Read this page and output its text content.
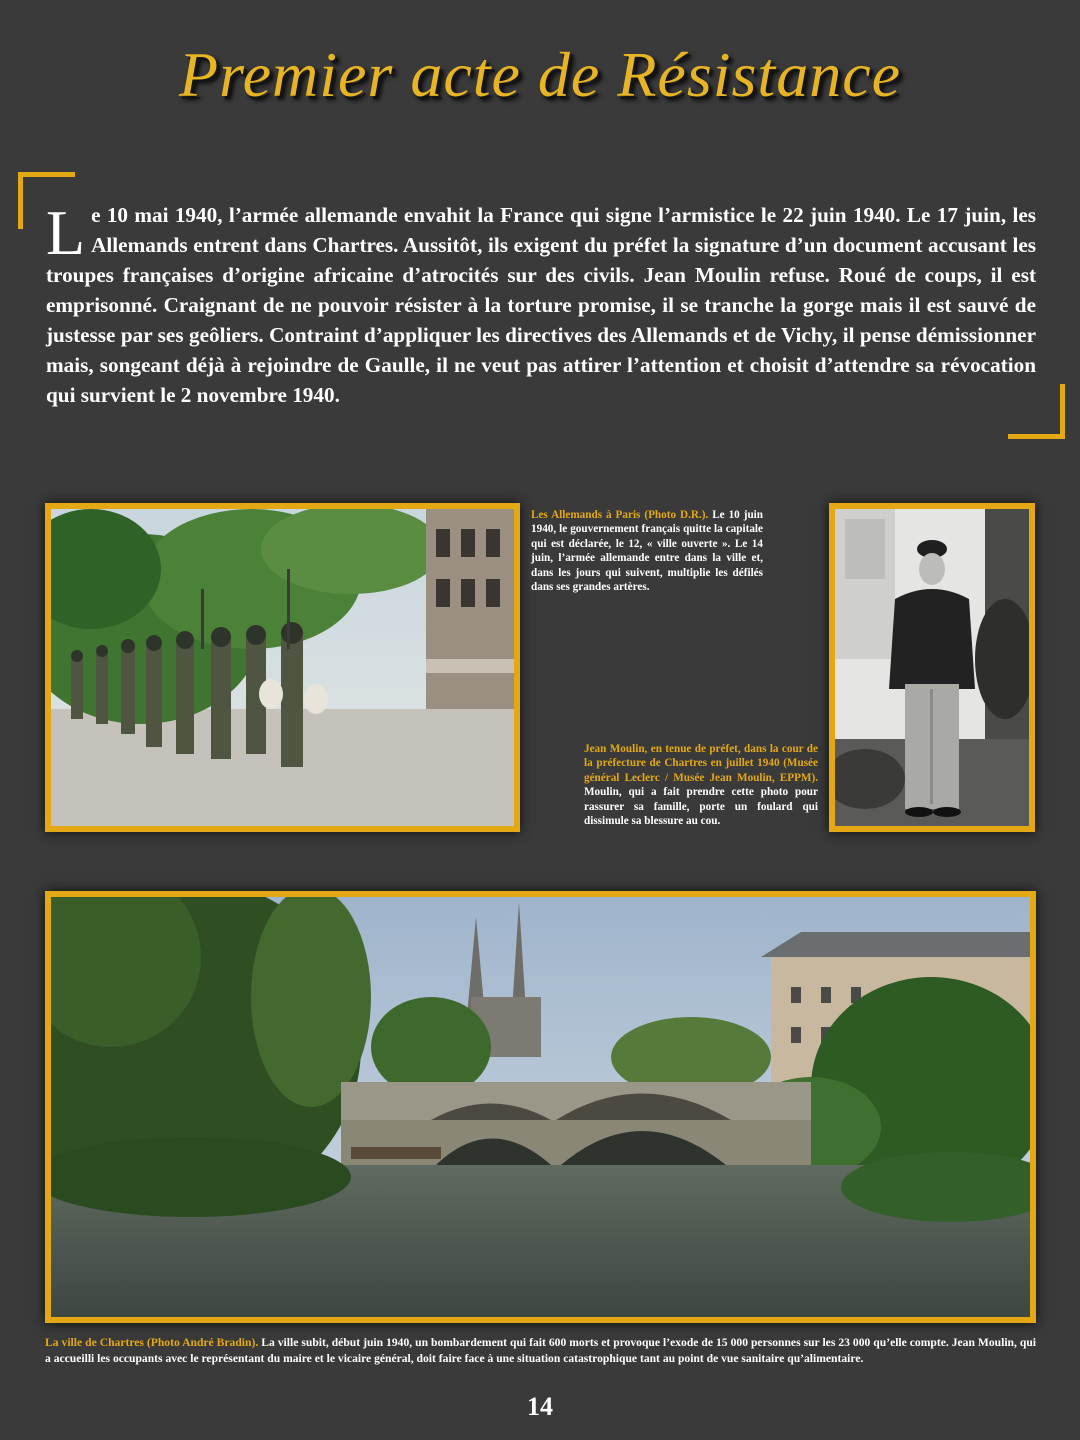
Premier acte de Résistance
Le 10 mai 1940, l’armée allemande envahit la France qui signe l’armistice le 22 juin 1940. Le 17 juin, les Allemands entrent dans Chartres. Aussitôt, ils exigent du préfet la signature d’un document accusant les troupes françaises d’origine africaine d’atrocités sur des civils. Jean Moulin refuse. Roué de coups, il est emprisonné. Craignant de ne pouvoir résister à la torture promise, il se tranche la gorge mais il est sauvé de justesse par ses geôliers. Contraint d’appliquer les directives des Allemands et de Vichy, il pense démissionner mais, songeant déjà à rejoindre de Gaulle, il ne veut pas attirer l’attention et choisit d’attendre sa révocation qui survient le 2 novembre 1940.
Les Allemands à Paris (Photo D.R.). Le 10 juin 1940, le gouvernement français quitte la capitale qui est déclarée, le 12, « ville ouverte ». Le 14 juin, l’armée allemande entre dans la ville et, dans les jours qui suivent, multiplie les défilés dans ses grandes artères.
Jean Moulin, en tenue de préfet, dans la cour de la préfecture de Chartres en juillet 1940 (Musée général Leclerc / Musée Jean Moulin, EPPM). Moulin, qui a fait prendre cette photo pour rassurer sa famille, porte un foulard qui dissimule sa blessure au cou.
La ville de Chartres (Photo André Bradin). La ville subit, début juin 1940, un bombardement qui fait 600 morts et provoque l’exode de 15 000 personnes sur les 23 000 qu’elle compte. Jean Moulin, qui a accueilli les occupants avec le représentant du maire et le vicaire général, doit faire face à une situation catastrophique tant au point de vue sanitaire qu’alimentaire.
14
